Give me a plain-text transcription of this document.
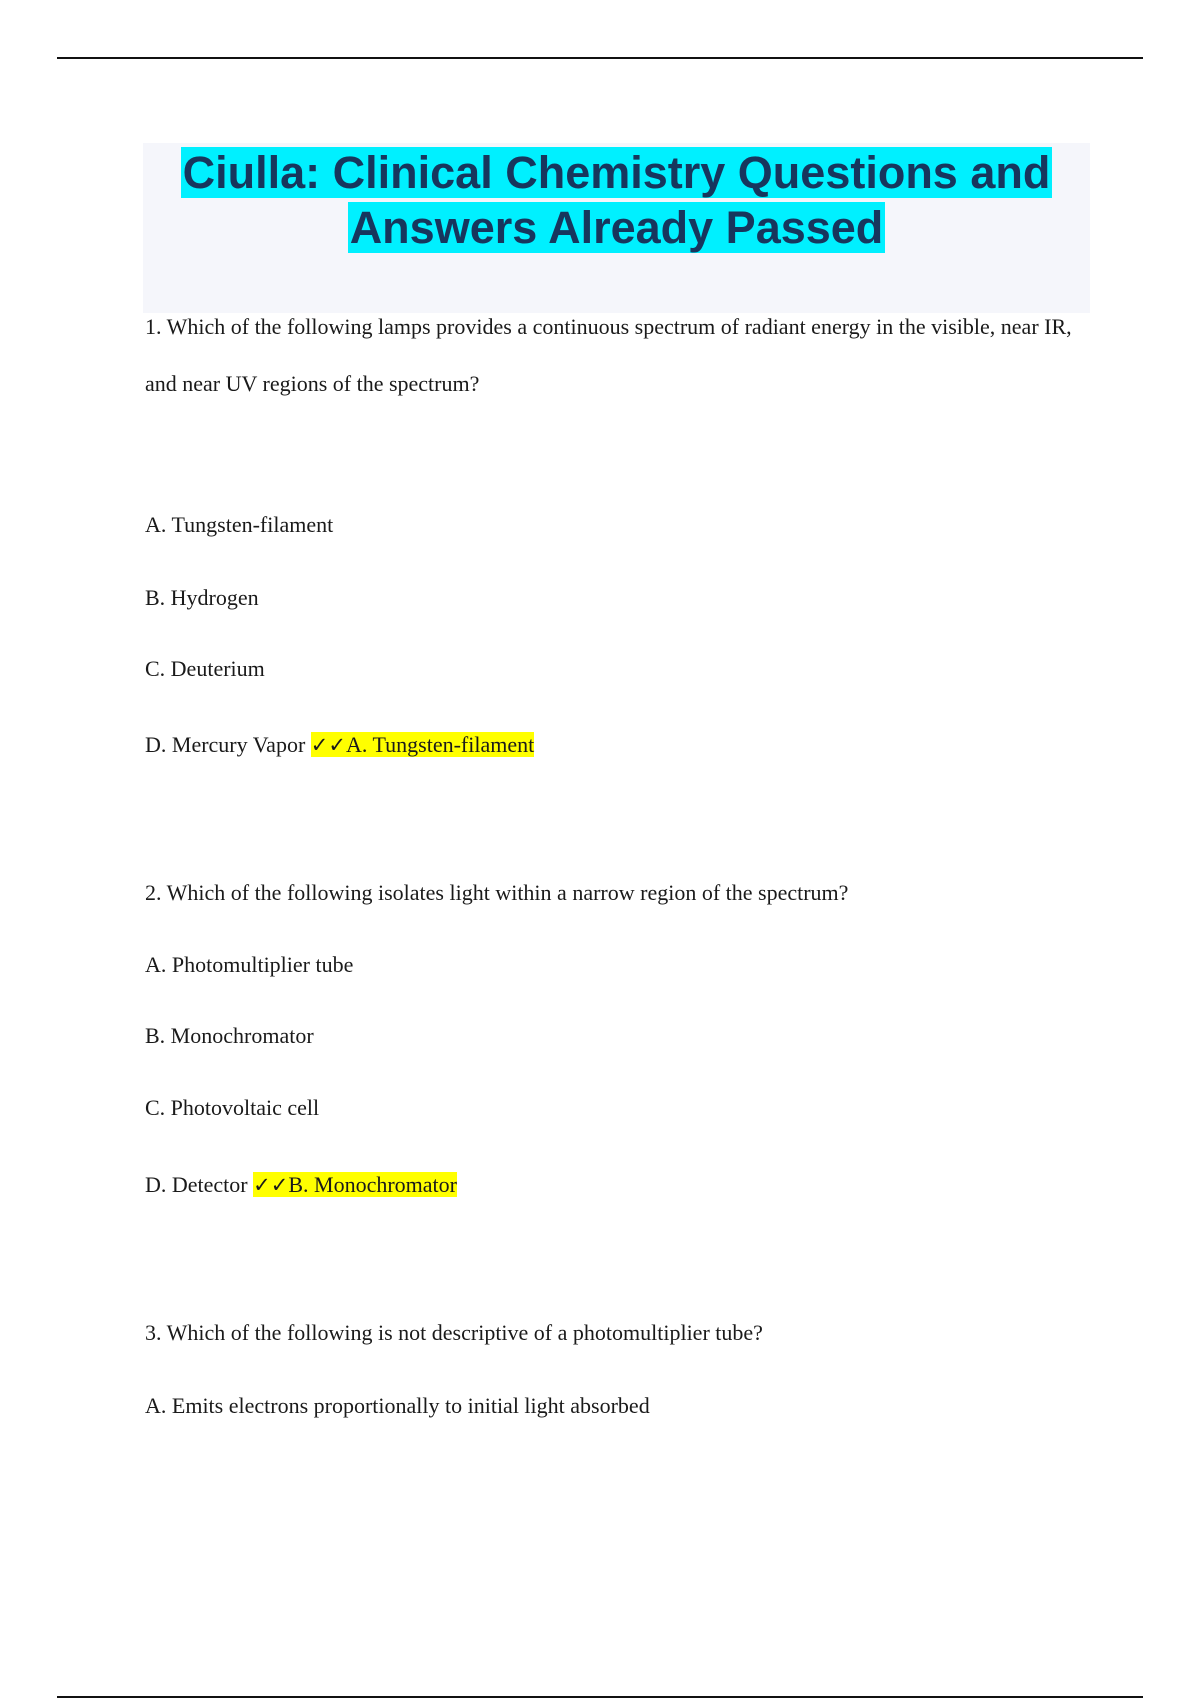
Ciulla: Clinical Chemistry Questions and
Answers Already Passed
1. Which of the following lamps provides a continuous spectrum of radiant energy in the visible, near IR, and near UV regions of the spectrum?
A. Tungsten-filament
B. Hydrogen
C. Deuterium
D. Mercury Vapor ✓✓A. Tungsten-filament
2. Which of the following isolates light within a narrow region of the spectrum?
A. Photomultiplier tube
B. Monochromator
C. Photovoltaic cell
D. Detector ✓✓B. Monochromator
3. Which of the following is not descriptive of a photomultiplier tube?
A. Emits electrons proportionally to initial light absorbed
